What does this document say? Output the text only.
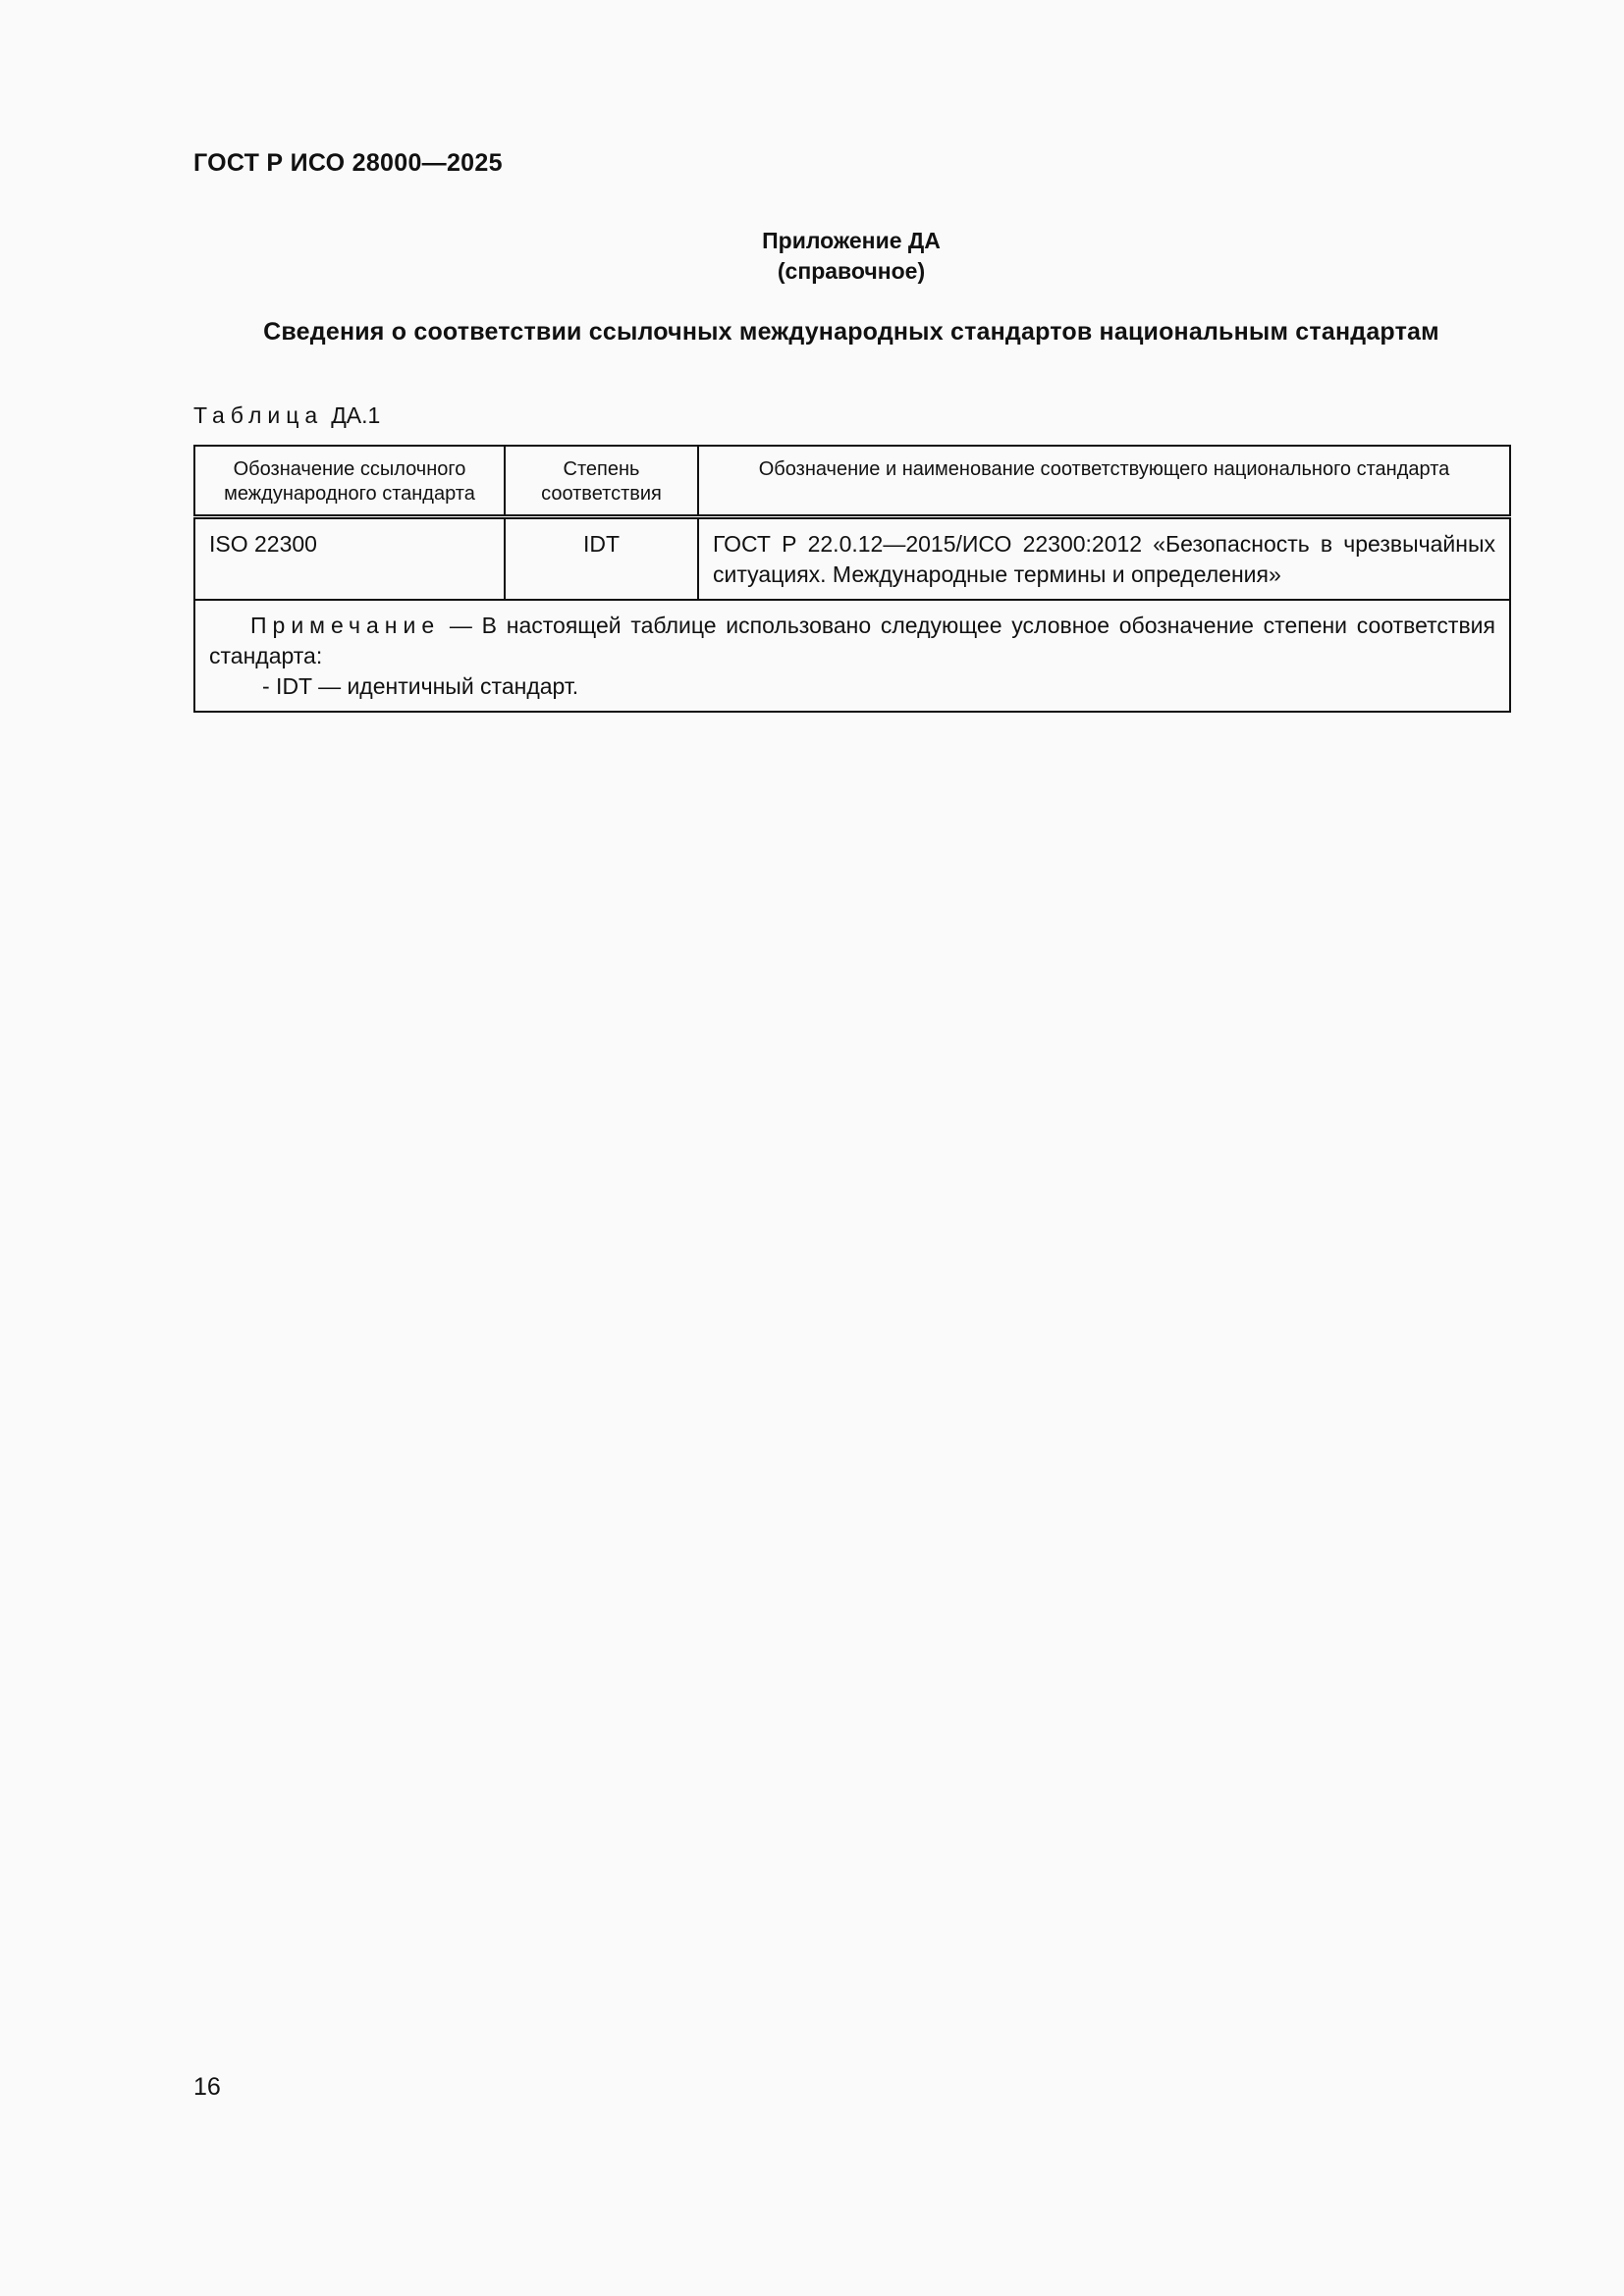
ГОСТ Р ИСО 28000—2025
Приложение ДА
(справочное)
Сведения о соответствии ссылочных международных стандартов национальным стандартам

Таблица ДА.1

Обозначение ссылочного международного стандарта	Степень соответствия	Обозначение и наименование соответствующего национального стандарта
ISO 22300	IDT	ГОСТ Р 22.0.12—2015/ИСО 22300:2012 «Безопасность в чрезвычайных ситуациях. Международные термины и определения»

Примечание — В настоящей таблице использовано следующее условное обозначение степени соответствия стандарта:

- IDT — идентичный стандарт.		

16
